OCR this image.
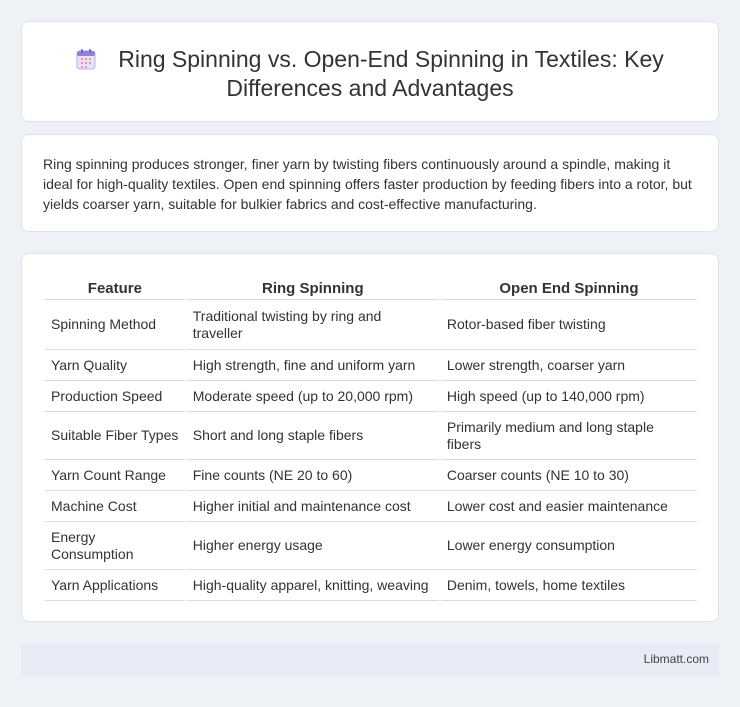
Ring Spinning vs. Open-End Spinning in Textiles: Key Differences and Advantages

Ring spinning produces stronger, finer yarn by twisting fibers continuously around a spindle, making it ideal for high-quality textiles. Open end spinning offers faster production by feeding fibers into a rotor, but yields coarser yarn, suitable for bulkier fabrics and cost-effective manufacturing.

Feature	Ring Spinning	Open End Spinning
Spinning Method	Traditional twisting by ring and traveller	Rotor-based fiber twisting
Yarn Quality	High strength, fine and uniform yarn	Lower strength, coarser yarn
Production Speed	Moderate speed (up to 20,000 rpm)	High speed (up to 140,000 rpm)
Suitable Fiber Types	Short and long staple fibers	Primarily medium and long staple fibers
Yarn Count Range	Fine counts (NE 20 to 60)	Coarser counts (NE 10 to 30)
Machine Cost	Higher initial and maintenance cost	Lower cost and easier maintenance
Energy Consumption	Higher energy usage	Lower energy consumption
Yarn Applications	High-quality apparel, knitting, weaving	Denim, towels, home textiles
Libmatt.com
